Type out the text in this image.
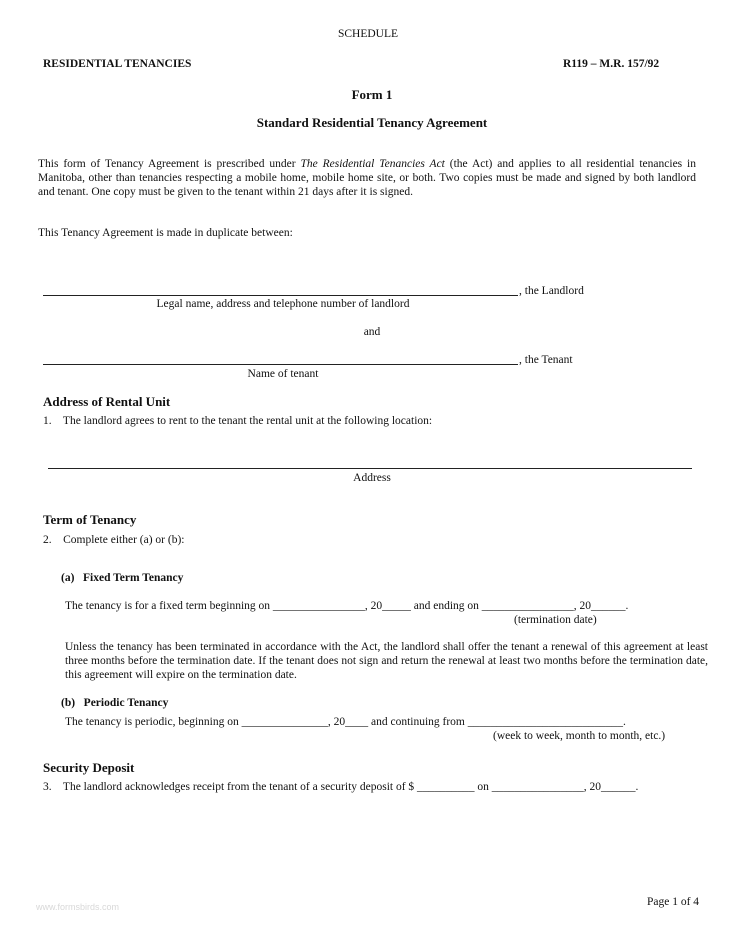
SCHEDULE
RESIDENTIAL TENANCIES	R119 – M.R. 157/92
Form 1
Standard Residential Tenancy Agreement
This form of Tenancy Agreement is prescribed under The Residential Tenancies Act (the Act) and applies to all residential tenancies in Manitoba, other than tenancies respecting a mobile home, mobile home site, or both. Two copies must be made and signed by both landlord and tenant. One copy must be given to the tenant within 21 days after it is signed.
This Tenancy Agreement is made in duplicate between:
, the Landlord
Legal name, address and telephone number of landlord
and
, the Tenant
Name of tenant
Address of Rental Unit
1.    The landlord agrees to rent to the tenant the rental unit at the following location:
Address
Term of Tenancy
2.    Complete either (a) or (b):
(a)   Fixed Term Tenancy
The tenancy is for a fixed term beginning on ________________, 20_____ and ending on ________________, 20______.
(termination date)
Unless the tenancy has been terminated in accordance with the Act, the landlord shall offer the tenant a renewal of this agreement at least three months before the termination date. If the tenant does not sign and return the renewal at least two months before the termination date, this agreement will expire on the termination date.
(b)   Periodic Tenancy
The tenancy is periodic, beginning on _______________, 20____ and continuing from ___________________________.
(week to week, month to month, etc.)
Security Deposit
3.    The landlord acknowledges receipt from the tenant of a security deposit of $ __________ on ________________, 20______.
www.formsbirds.com	Page 1 of 4
